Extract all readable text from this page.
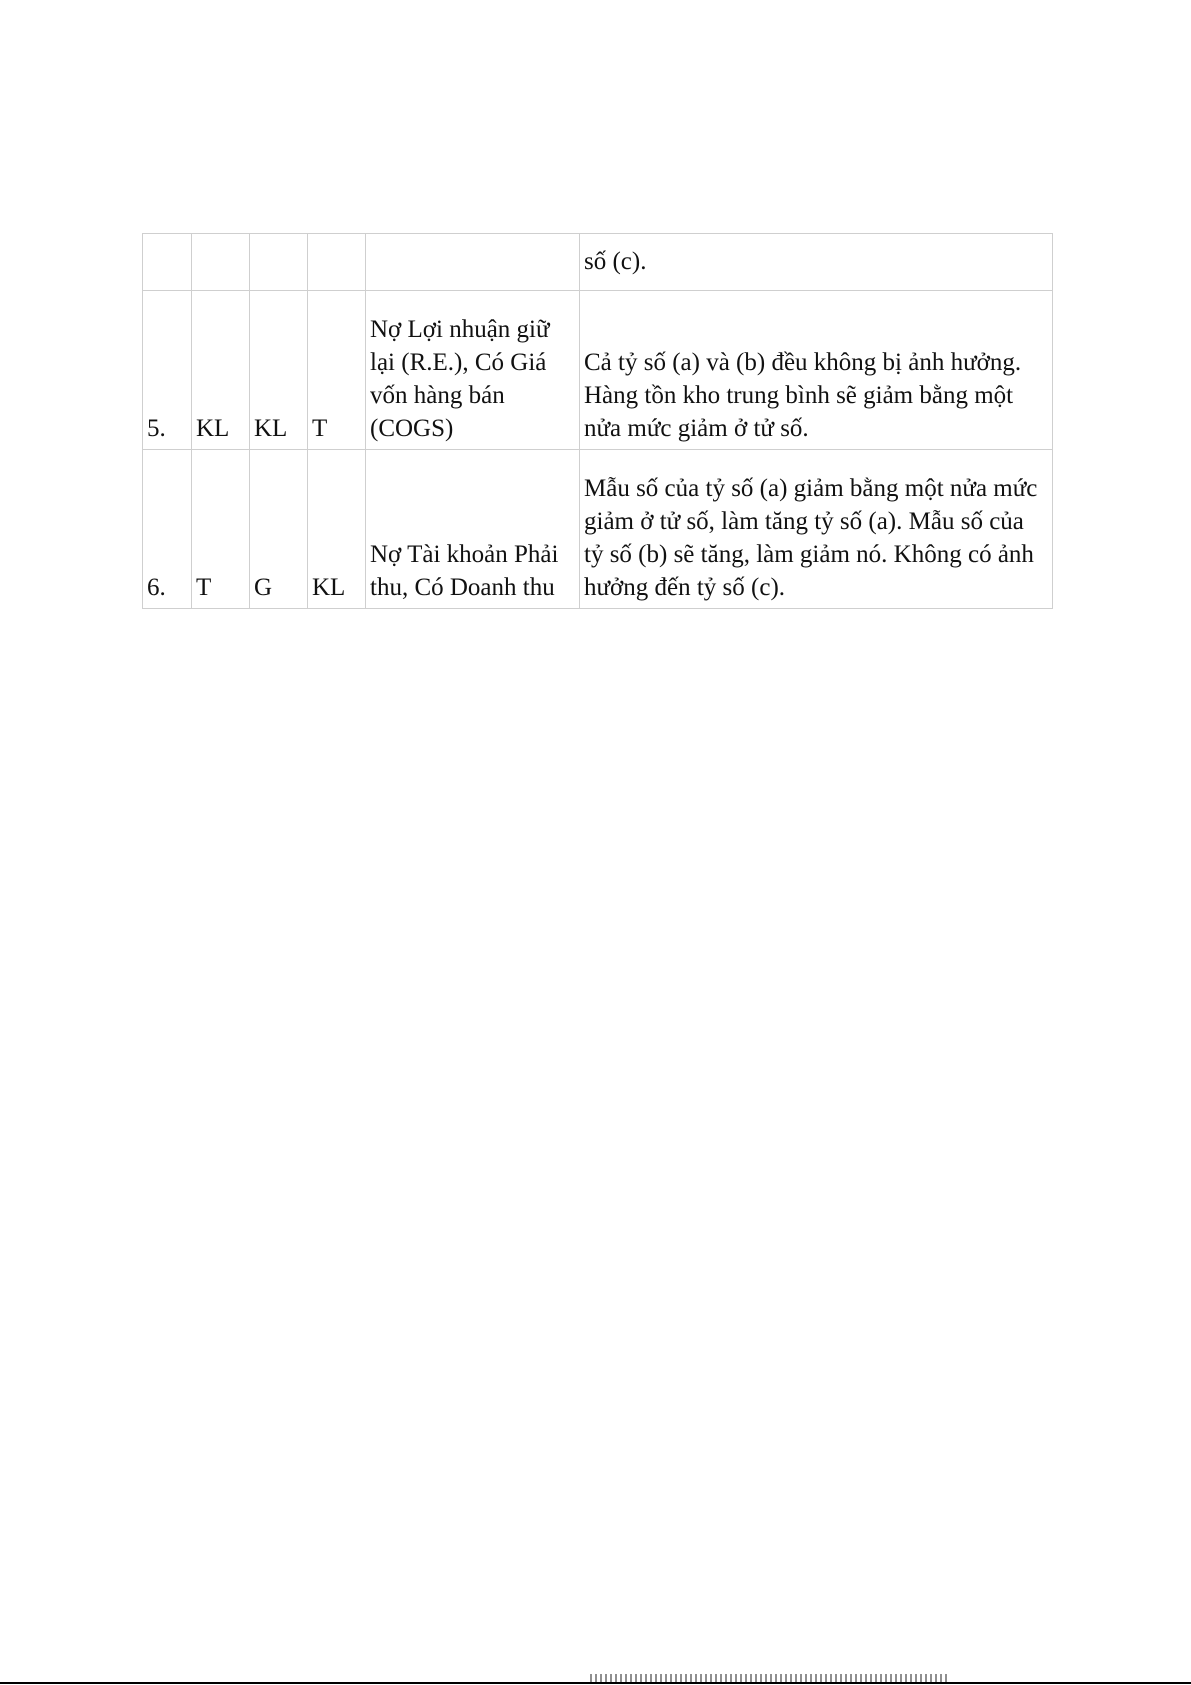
					số (c).
5.	KL	KL	T	Nợ Lợi nhuận giữ lại (R.E.), Có Giá vốn hàng bán (COGS)	Cả tỷ số (a) và (b) đều không bị ảnh hưởng. Hàng tồn kho trung bình sẽ giảm bằng một nửa mức giảm ở tử số.
6.	T	G	KL	Nợ Tài khoản Phải thu, Có Doanh thu	Mẫu số của tỷ số (a) giảm bằng một nửa mức giảm ở tử số, làm tăng tỷ số (a). Mẫu số của tỷ số (b) sẽ tăng, làm giảm nó. Không có ảnh hưởng đến tỷ số (c).
